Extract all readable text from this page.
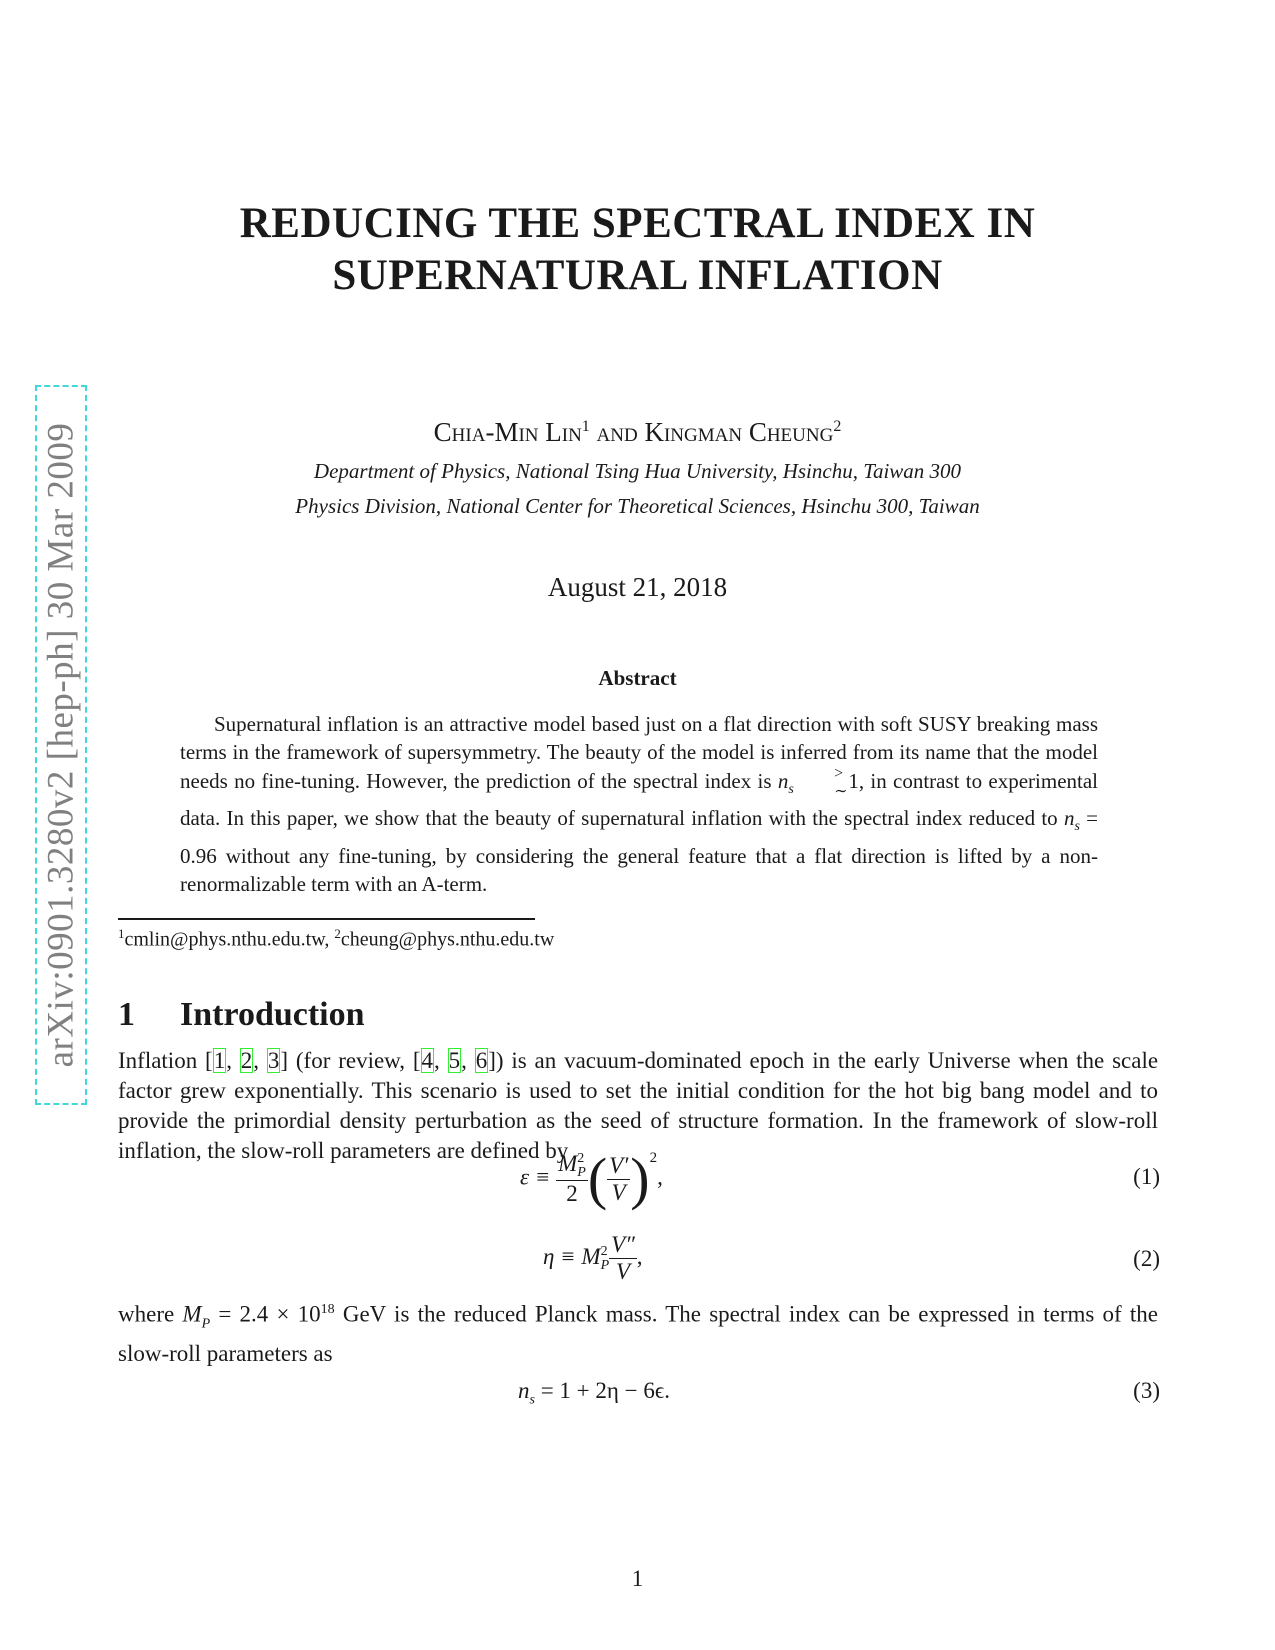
arXiv:0901.3280v2 [hep-ph] 30 Mar 2009
REDUCING THE SPECTRAL INDEX IN
SUPERNATURAL INFLATION
Chia-Min Lin$^1$ and Kingman Cheung$^2$
Department of Physics, National Tsing Hua University, Hsinchu, Taiwan 300
Physics Division, National Center for Theoretical Sciences, Hsinchu 300, Taiwan
August 21, 2018
Abstract
Supernatural inflation is an attractive model based just on a flat direction with soft SUSY breaking mass terms in the framework of supersymmetry. The beauty of the model is inferred from its name that the model needs no fine-tuning. However, the prediction of the spectral index is $n_s$
>
∼
1, in contrast to experimental data. In this paper, we show that the beauty of supernatural inflation with the spectral index reduced to $n_s = 0.96$ without any fine-tuning, by considering the general feature that a flat direction is lifted by a non-renormalizable term with an A-term.
$^1$cmlin@phys.nthu.edu.tw, $^2$cheung@phys.nthu.edu.tw
1 Introduction
Inflation [1, 2, 3] (for review, [4, 5, 6]) is an vacuum-dominated epoch in the early Universe when the scale factor grew exponentially. This scenario is used to set the initial condition for the hot big bang model and to provide the primordial density perturbation as the seed of structure formation. In the framework of slow-roll inflation, the slow-roll parameters are defined by
ε ≡ M 2
P
2 ( $\frac{V'}{V} )^2$,	(1)
η ≡ M 2
P $\frac{V''}{V}$ ,	(2)
where $M_P = 2.4 \times 10^{18}$ GeV is the reduced Planck mass. The spectral index can be expressed in terms of the slow-roll parameters as
$n_s = 1 + 2\eta - 6\epsilon$.	(3)
1
